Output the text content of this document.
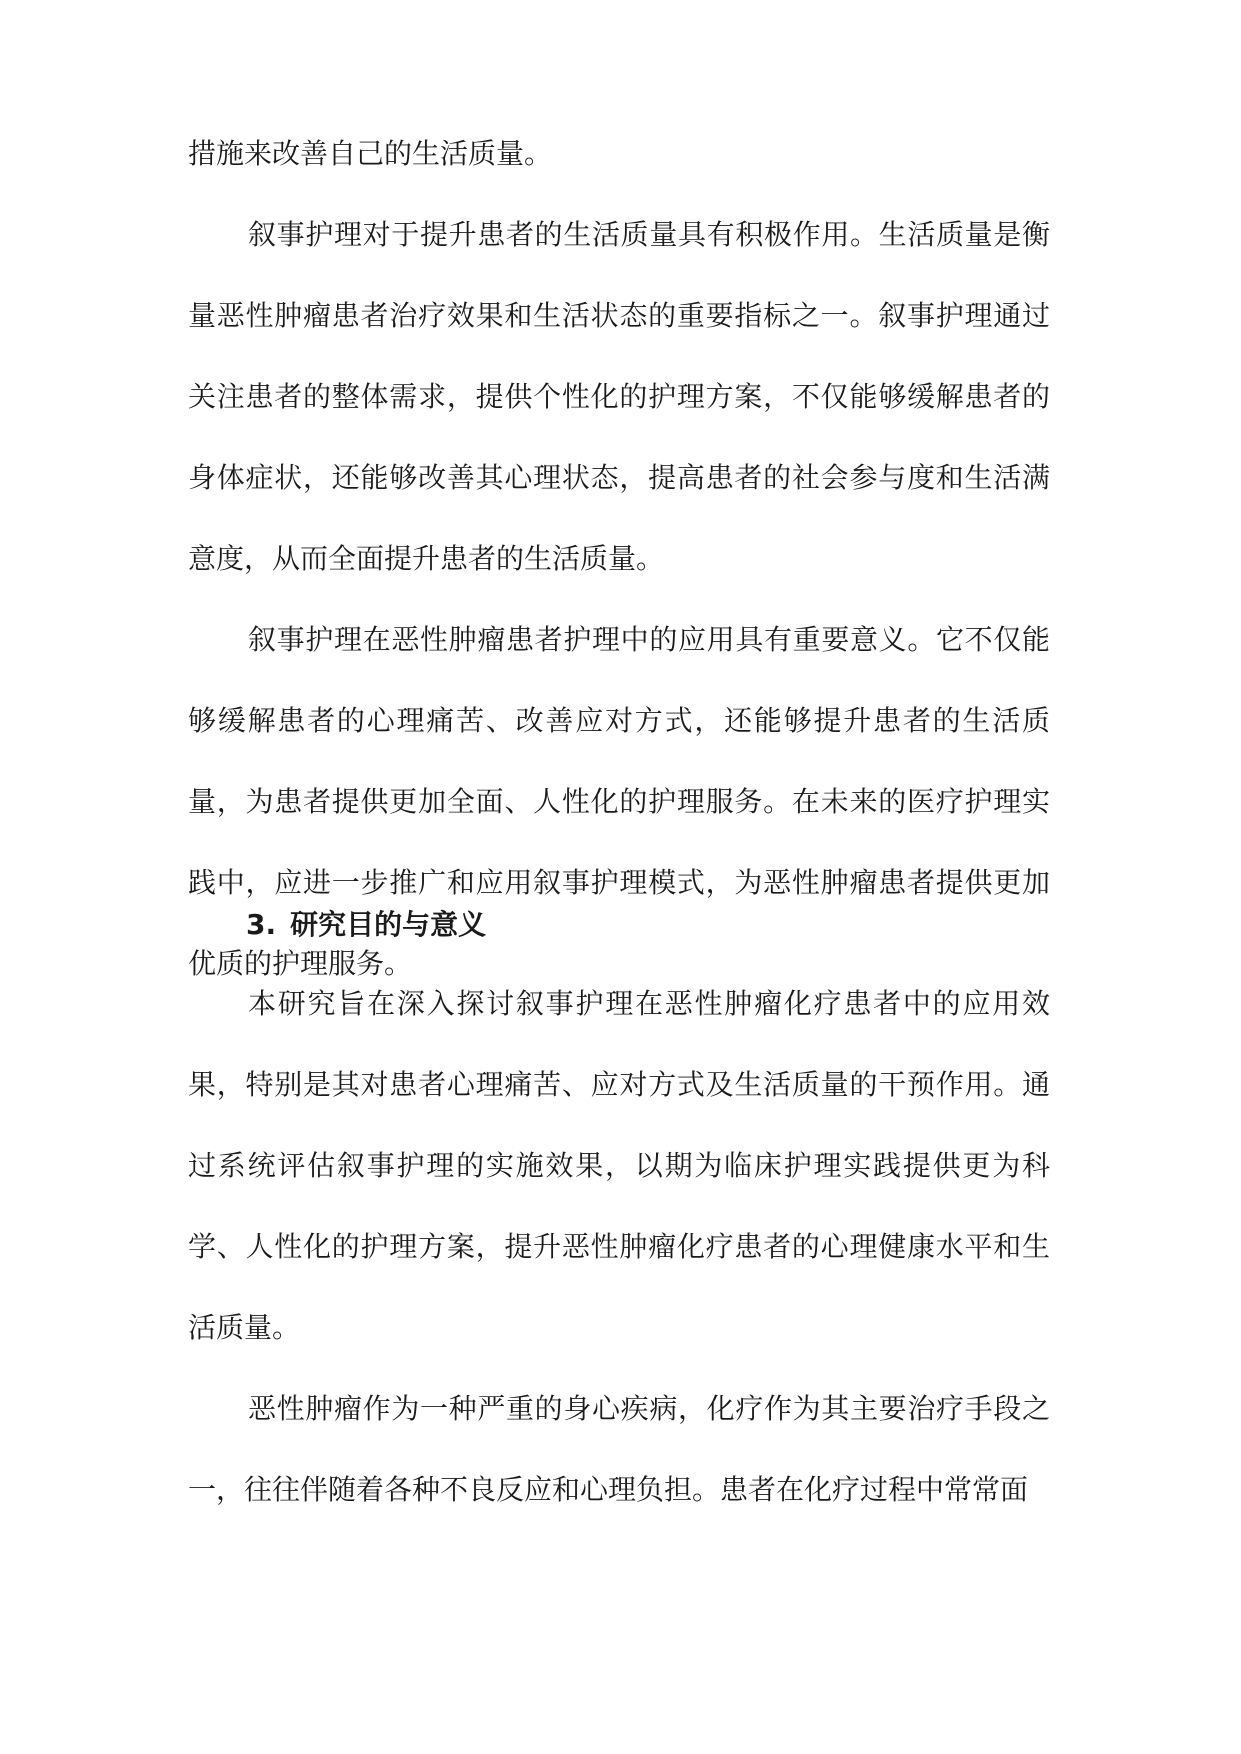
措施来改善自己的生活质量。

叙事护理对于提升患者的生活质量具有积极作用。生活质量是衡量恶性肿瘤患者治疗效果和生活状态的重要指标之一。叙事护理通过关注患者的整体需求，提供个性化的护理方案，不仅能够缓解患者的身体症状，还能够改善其心理状态，提高患者的社会参与度和生活满意度，从而全面提升患者的生活质量。

叙事护理在恶性肿瘤患者护理中的应用具有重要意义。它不仅能够缓解患者的心理痛苦、改善应对方式，还能够提升患者的生活质量，为患者提供更加全面、人性化的护理服务。在未来的医疗护理实践中，应进一步推广和应用叙事护理模式，为恶性肿瘤患者提供更加优质的护理服务。

3. 研究目的与意义

本研究旨在深入探讨叙事护理在恶性肿瘤化疗患者中的应用效果，特别是其对患者心理痛苦、应对方式及生活质量的干预作用。通过系统评估叙事护理的实施效果，以期为临床护理实践提供更为科学、人性化的护理方案，提升恶性肿瘤化疗患者的心理健康水平和生活质量。

恶性肿瘤作为一种严重的身心疾病，化疗作为其主要治疗手段之一，往往伴随着各种不良反应和心理负担。患者在化疗过程中常常面
